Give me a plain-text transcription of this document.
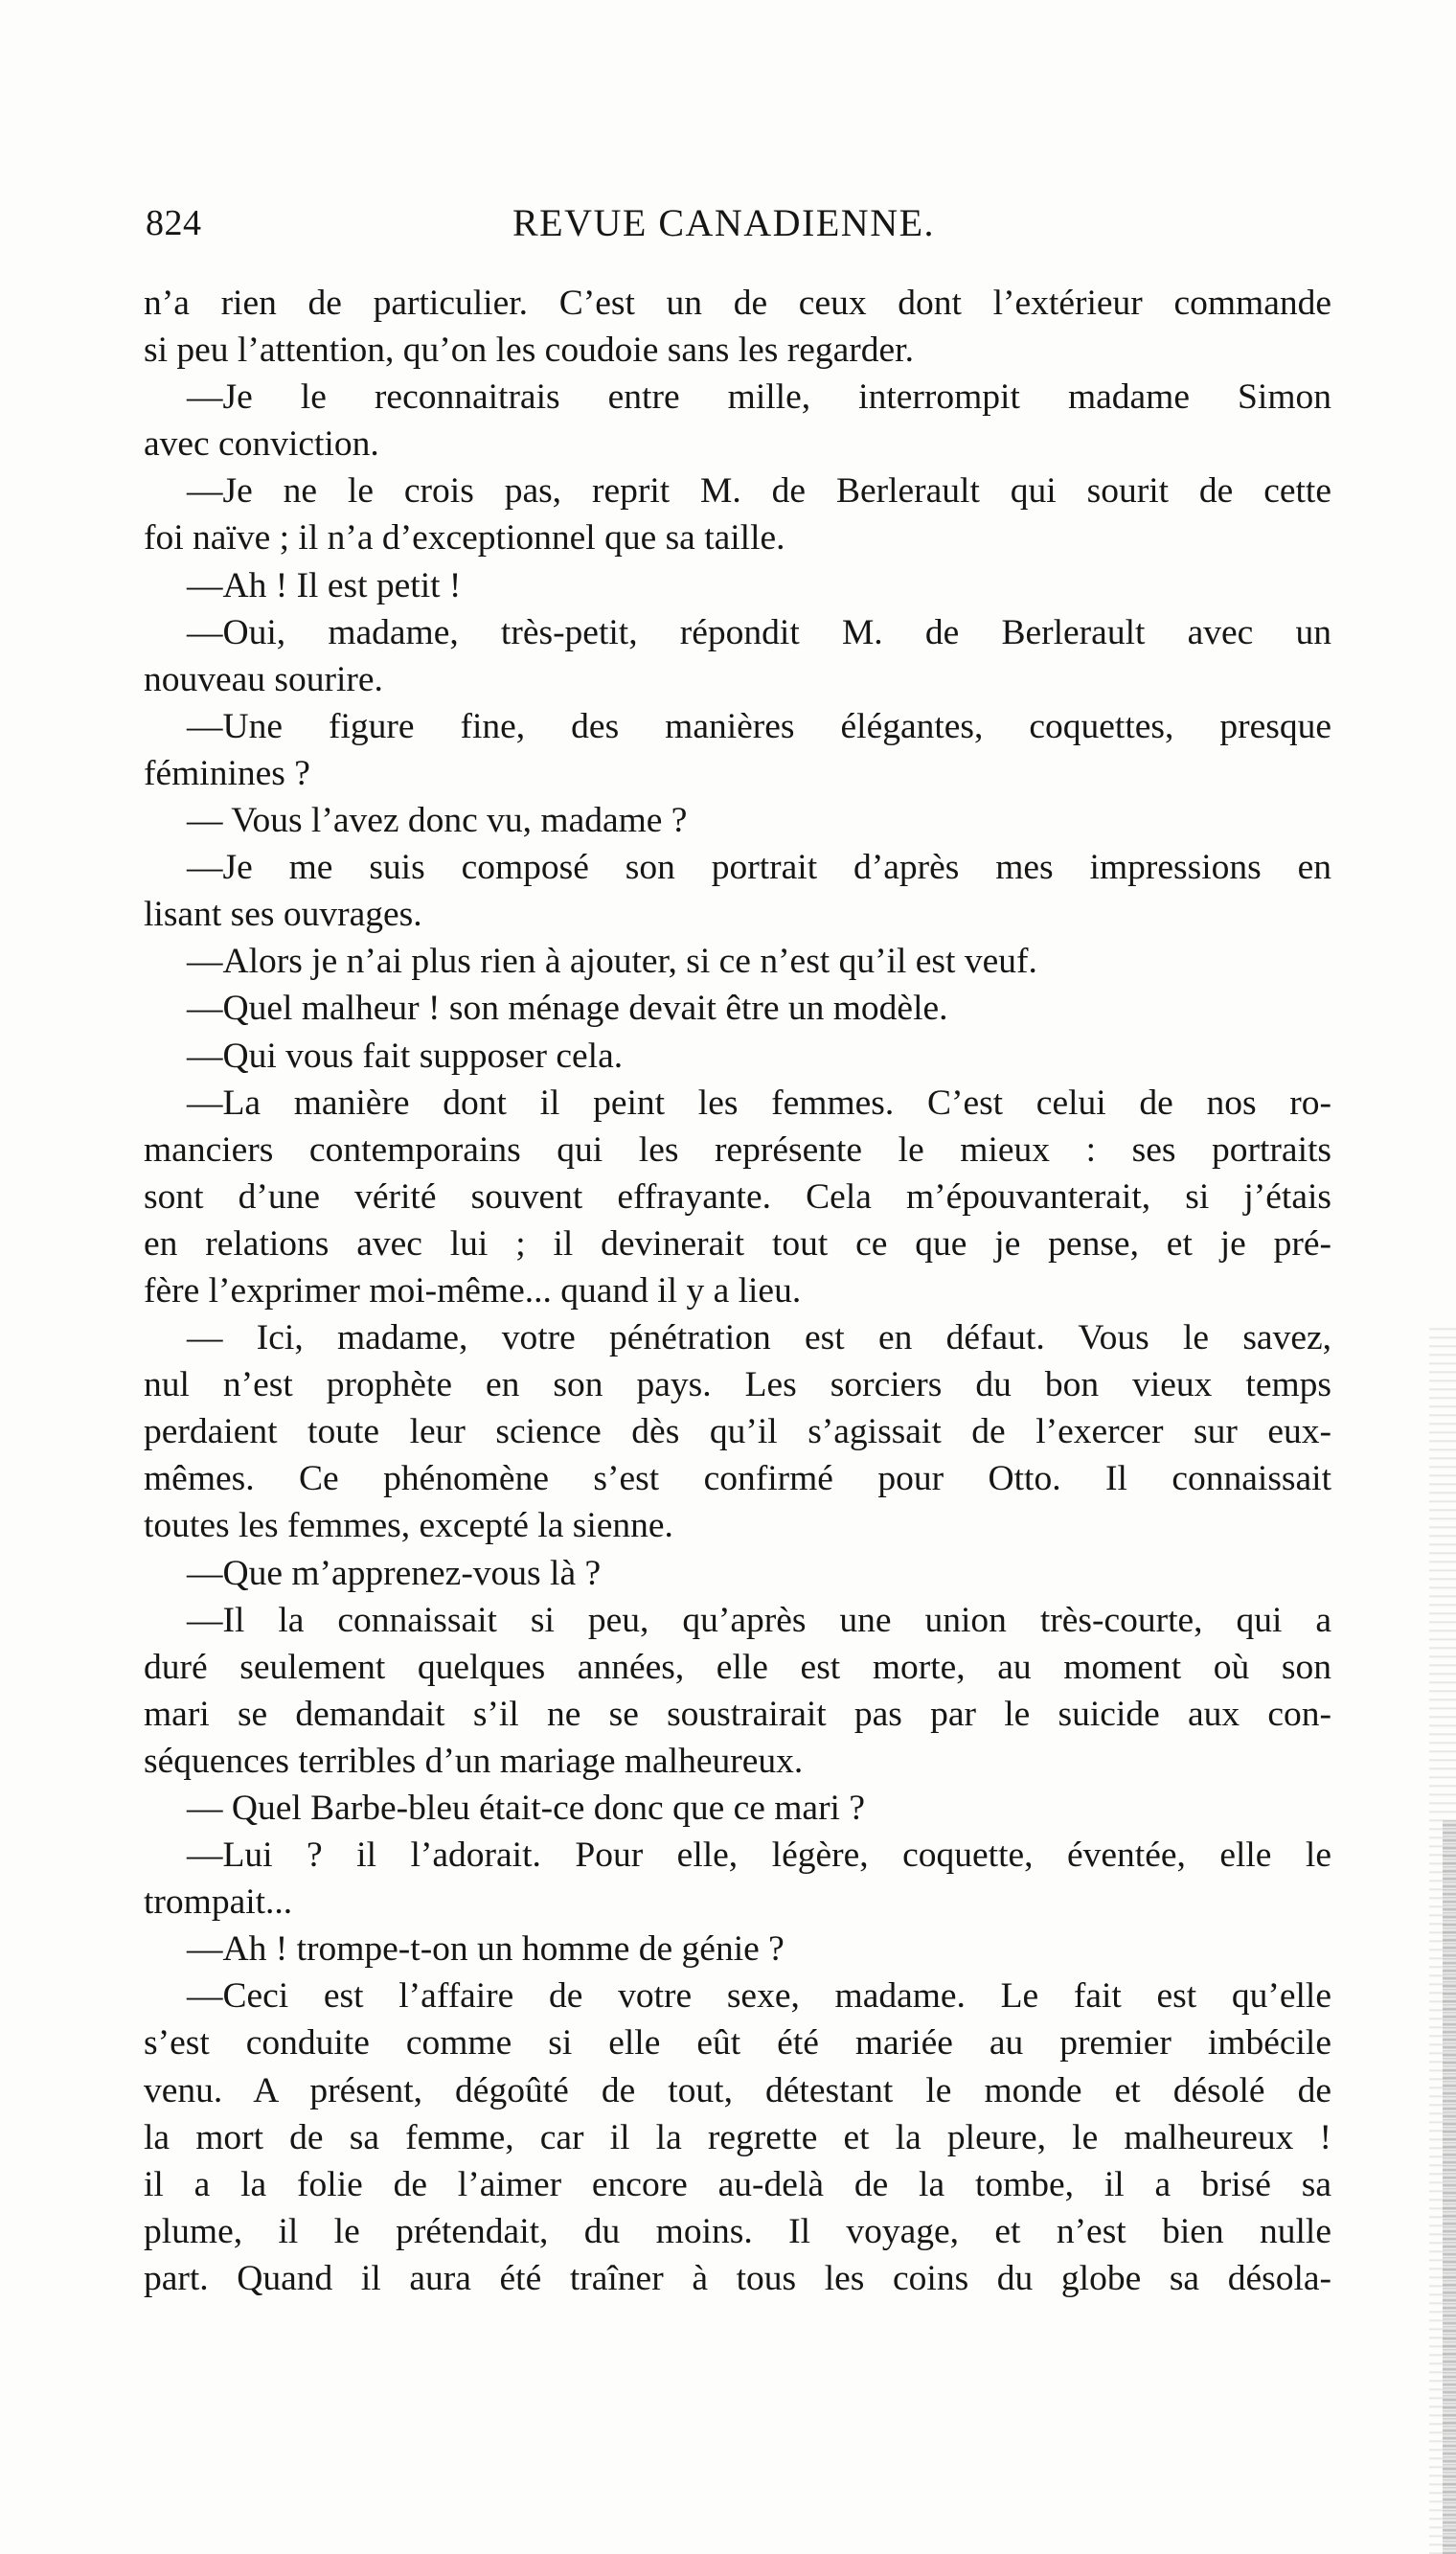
824	REVUE CANADIENNE.
n’a rien de particulier. C’est un de ceux dont l’extérieur commande
si peu l’attention, qu’on les coudoie sans les regarder.
—Je le reconnaitrais entre mille, interrompit madame Simon
avec conviction.
—Je ne le crois pas, reprit M. de Berlerault qui sourit de cette
foi naïve ; il n’a d’exceptionnel que sa taille.
—Ah ! Il est petit !
—Oui, madame, très-petit, répondit M. de Berlerault avec un
nouveau sourire.
—Une figure fine, des manières élégantes, coquettes, presque
féminines ?
— Vous l’avez donc vu, madame ?
—Je me suis composé son portrait d’après mes impressions en
lisant ses ouvrages.
—Alors je n’ai plus rien à ajouter, si ce n’est qu’il est veuf.
—Quel malheur ! son ménage devait être un modèle.
—Qui vous fait supposer cela.
—La manière dont il peint les femmes. C’est celui de nos ro-
manciers contemporains qui les représente le mieux : ses portraits
sont d’une vérité souvent effrayante. Cela m’épouvanterait, si j’étais
en relations avec lui ; il devinerait tout ce que je pense, et je pré-
fère l’exprimer moi-même... quand il y a lieu.
— Ici, madame, votre pénétration est en défaut. Vous le savez,
nul n’est prophète en son pays. Les sorciers du bon vieux temps
perdaient toute leur science dès qu’il s’agissait de l’exercer sur eux-
mêmes. Ce phénomène s’est confirmé pour Otto. Il connaissait
toutes les femmes, excepté la sienne.
—Que m’apprenez-vous là ?
—Il la connaissait si peu, qu’après une union très-courte, qui a
duré seulement quelques années, elle est morte, au moment où son
mari se demandait s’il ne se soustrairait pas par le suicide aux con-
séquences terribles d’un mariage malheureux.
— Quel Barbe-bleu était-ce donc que ce mari ?
—Lui ? il l’adorait. Pour elle, légère, coquette, éventée, elle le
trompait...
—Ah ! trompe-t-on un homme de génie ?
—Ceci est l’affaire de votre sexe, madame. Le fait est qu’elle
s’est conduite comme si elle eût été mariée au premier imbécile
venu. A présent, dégoûté de tout, détestant le monde et désolé de
la mort de sa femme, car il la regrette et la pleure, le malheureux !
il a la folie de l’aimer encore au-delà de la tombe, il a brisé sa
plume, il le prétendait, du moins. Il voyage, et n’est bien nulle
part. Quand il aura été traîner à tous les coins du globe sa désola-
